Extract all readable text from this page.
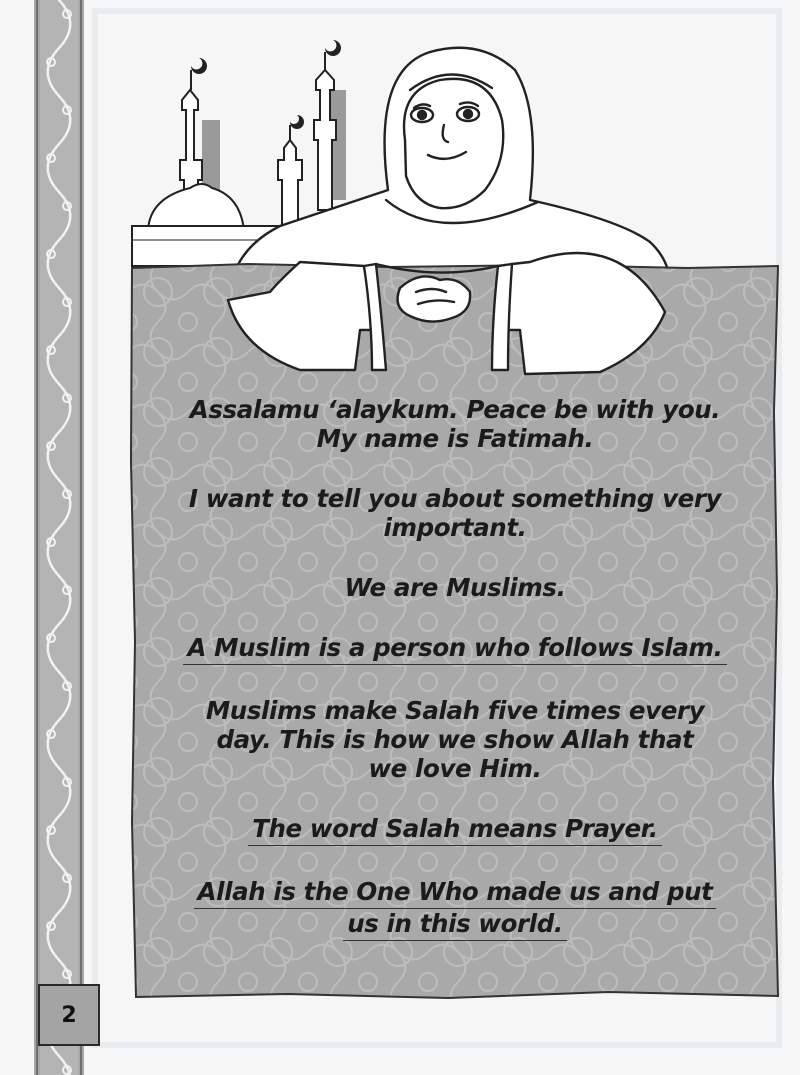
Assalamu ‘alaykum. Peace be with you.
My name is Fatimah.
I want to tell you about something very
important.
We are Muslims.
A Muslim is a person who follows Islam.
Muslims make Salah five times every
day. This is how we show Allah that
we love Him.
The word Salah means Prayer.
Allah is the One Who made us and put
us in this world.
2
